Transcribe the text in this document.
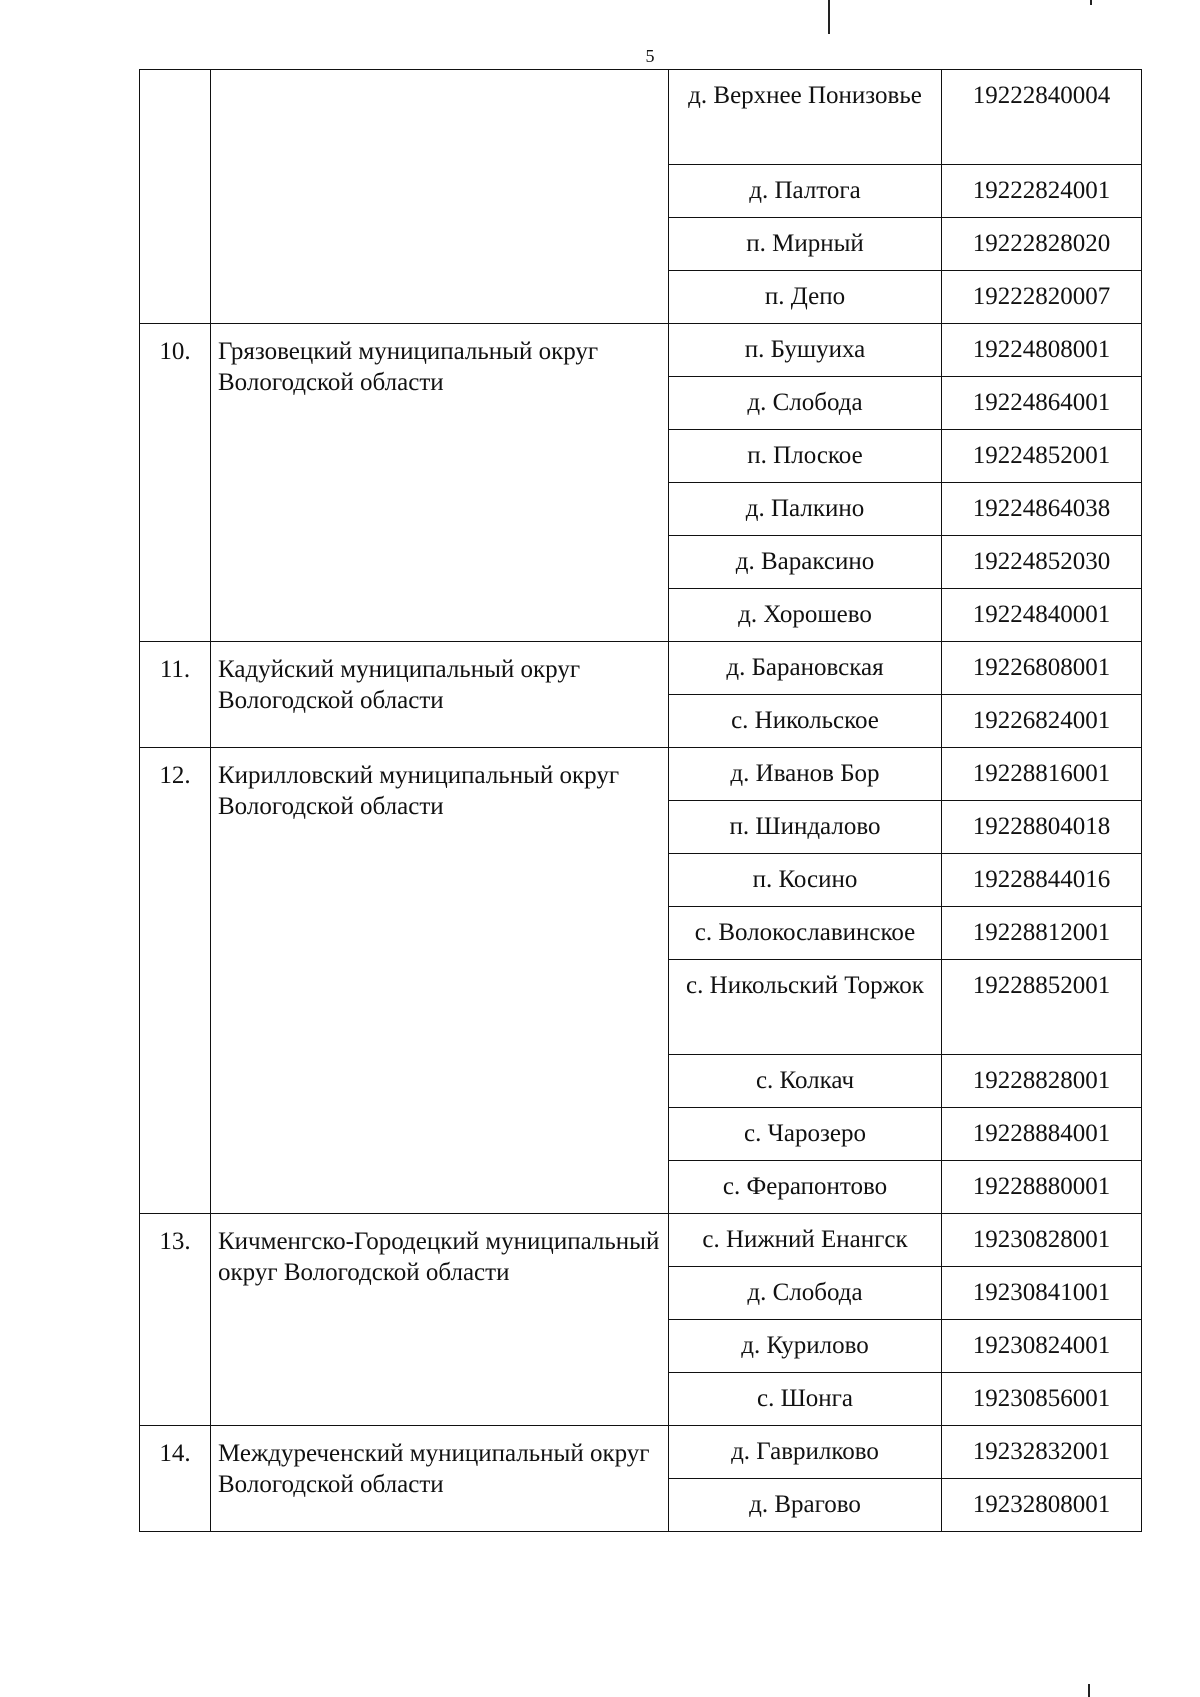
5
		д. Верхнее Понизовье	19222840004
		д. Палтога	19222824001
		п. Мирный	19222828020
		п. Депо	19222820007
10.	Грязовецкий муниципальный округ Вологодской области	п. Бушуиха	19224808001
		д. Слобода	19224864001
		п. Плоское	19224852001
		д. Палкино	19224864038
		д. Вараксино	19224852030
		д. Хорошево	19224840001
11.	Кадуйский муниципальный округ Вологодской области	д. Барановская	19226808001
		с. Никольское	19226824001
12.	Кирилловский муниципальный округ Вологодской области	д. Иванов Бор	19228816001
		п. Шиндалово	19228804018
		п. Косино	19228844016
		с. Волокославинское	19228812001
		с. Никольский Торжок	19228852001
		с. Колкач	19228828001
		с. Чарозеро	19228884001
		с. Ферапонтово	19228880001
13.	Кичменгско-Городецкий муниципальный округ Вологодской области	с. Нижний Енангск	19230828001
		д. Слобода	19230841001
		д. Курилово	19230824001
		с. Шонга	19230856001
14.	Междуреченский муниципальный округ Вологодской области	д. Гаврилково	19232832001
		д. Врагово	19232808001
